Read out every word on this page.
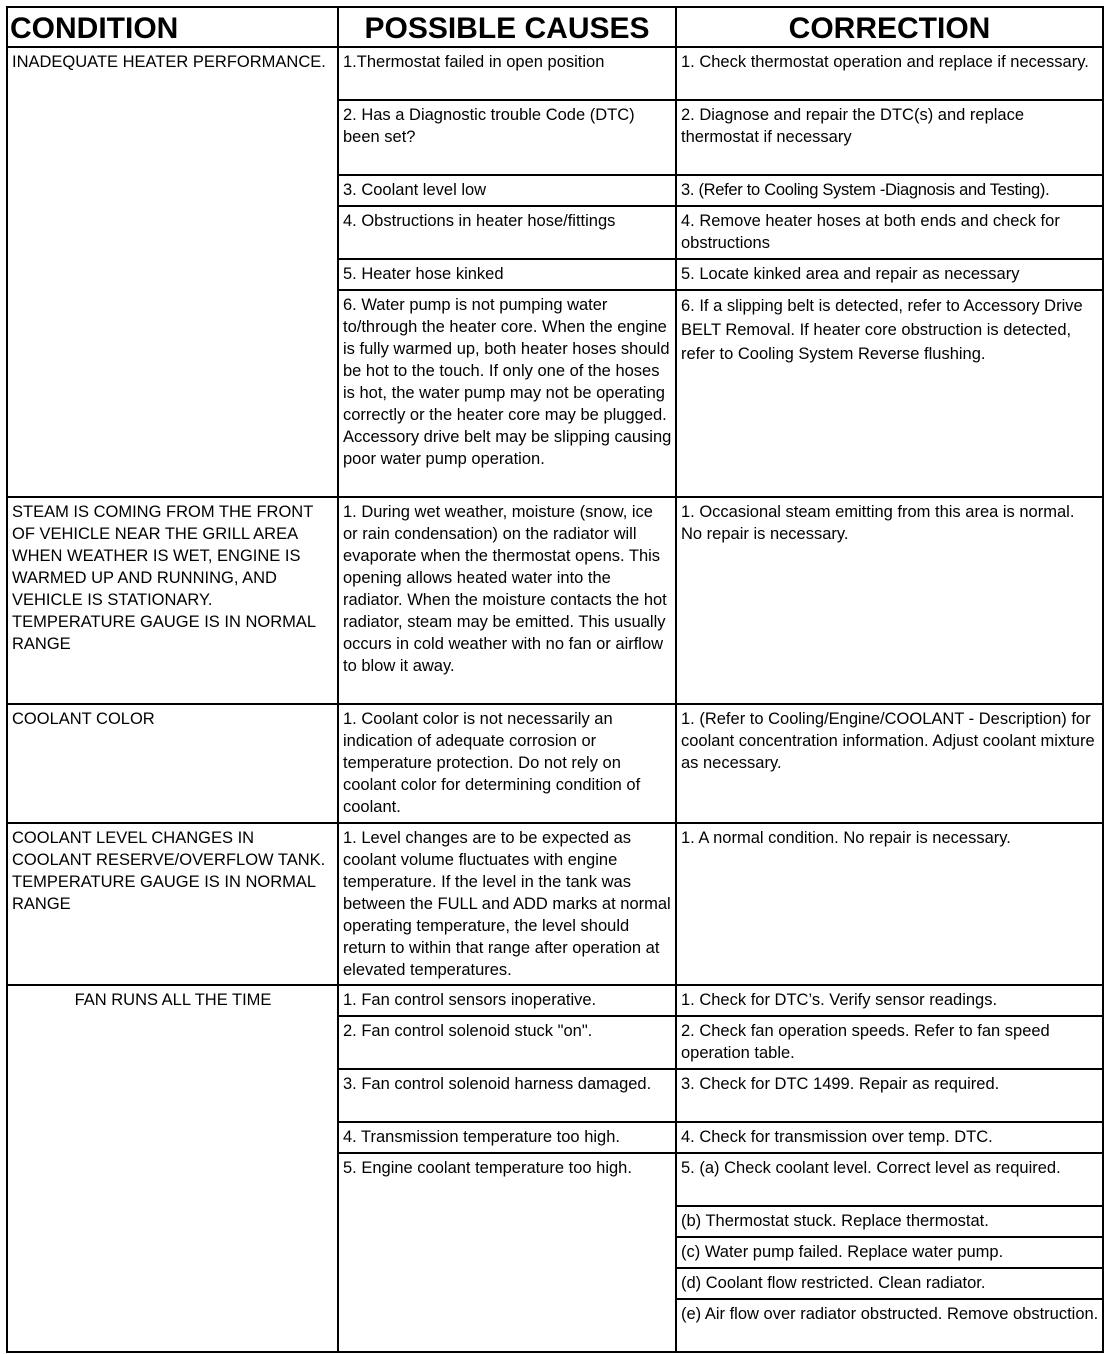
CONDITION	POSSIBLE CAUSES	CORRECTION
INADEQUATE HEATER PERFORMANCE.	1.Thermostat failed in open position	1. Check thermostat operation and replace if necessary.
	2. Has a Diagnostic trouble Code (DTC) been set?	2. Diagnose and repair the DTC(s) and replace thermostat if necessary
	3. Coolant level low	3. (Refer to Cooling System -Diagnosis and Testing).
	4. Obstructions in heater hose/fittings	4. Remove heater hoses at both ends and check for obstructions
	5. Heater hose kinked	5. Locate kinked area and repair as necessary
	6. Water pump is not pumping water to/through the heater core. When the engine is fully warmed up, both heater hoses should be hot to the touch. If only one of the hoses is hot, the water pump may not be operating correctly or the heater core may be plugged. Accessory drive belt may be slipping causing poor water pump operation.	6. If a slipping belt is detected, refer to Accessory Drive BELT Removal. If heater core obstruction is detected, refer to Cooling System Reverse flushing.
STEAM IS COMING FROM THE FRONT OF VEHICLE NEAR THE GRILL AREA WHEN WEATHER IS WET, ENGINE IS WARMED UP AND RUNNING, AND VEHICLE IS STATIONARY. TEMPERATURE GAUGE IS IN NORMAL RANGE	1. During wet weather, moisture (snow, ice or rain condensation) on the radiator will evaporate when the thermostat opens. This opening allows heated water into the radiator. When the moisture contacts the hot radiator, steam may be emitted. This usually occurs in cold weather with no fan or airflow to blow it away.	1. Occasional steam emitting from this area is normal. No repair is necessary.
COOLANT COLOR	1. Coolant color is not necessarily an indication of adequate corrosion or temperature protection. Do not rely on coolant color for determining condition of coolant.	1. (Refer to Cooling/Engine/COOLANT - Description) for coolant concentration information. Adjust coolant mixture as necessary.
COOLANT LEVEL CHANGES IN COOLANT RESERVE/OVERFLOW TANK. TEMPERATURE GAUGE IS IN NORMAL RANGE	1. Level changes are to be expected as coolant volume fluctuates with engine temperature. If the level in the tank was between the FULL and ADD marks at normal operating temperature, the level should return to within that range after operation at elevated temperatures.	1. A normal condition. No repair is necessary.
FAN RUNS ALL THE TIME	1. Fan control sensors inoperative.	1. Check for DTC’s. Verify sensor readings.
	2. Fan control solenoid stuck "on".	2. Check fan operation speeds. Refer to fan speed operation table.
	3. Fan control solenoid harness damaged.	3. Check for DTC 1499. Repair as required.
	4. Transmission temperature too high.	4. Check for transmission over temp. DTC.
	5. Engine coolant temperature too high.	5. (a) Check coolant level. Correct level as required.
		(b) Thermostat stuck. Replace thermostat.
		(c) Water pump failed. Replace water pump.
		(d) Coolant flow restricted. Clean radiator.
		(e) Air flow over radiator obstructed. Remove obstruction.
